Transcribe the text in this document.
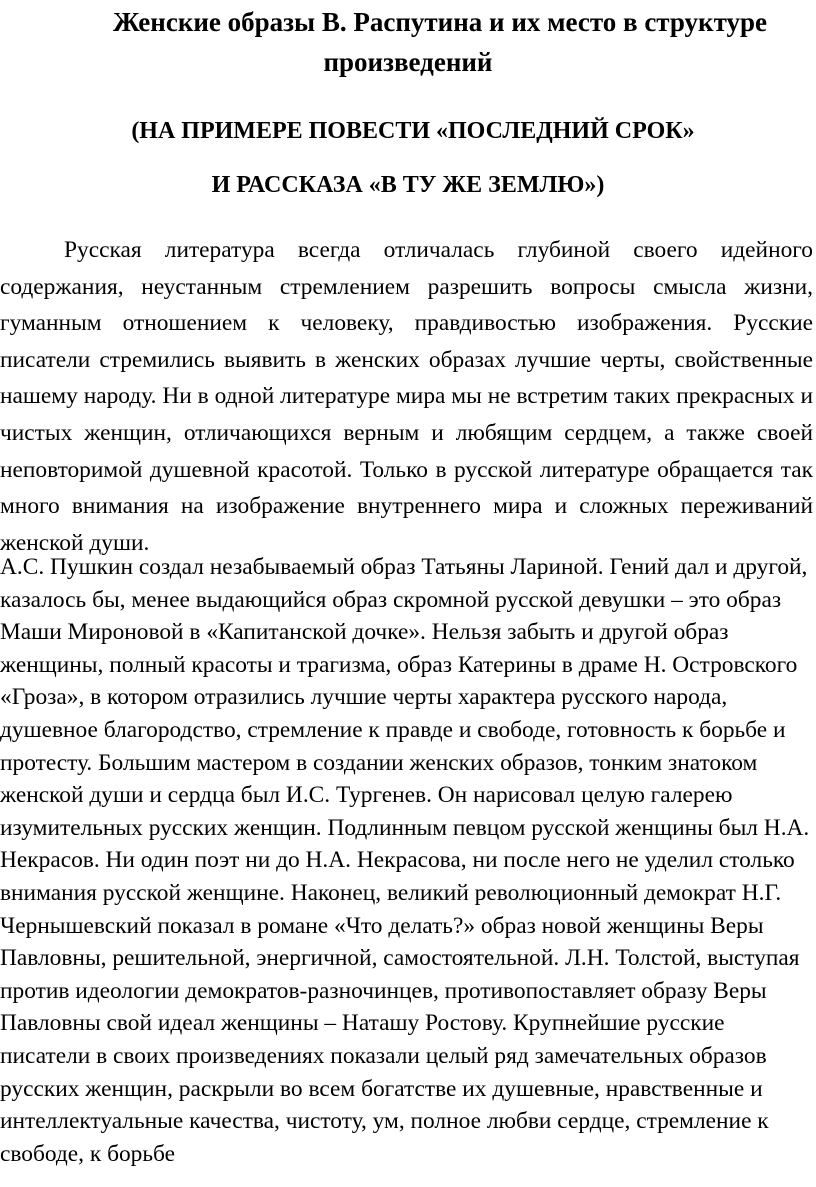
Женские образы В. Распутина и их место в структуре
произведений
(НА ПРИМЕРЕ ПОВЕСТИ «ПОСЛЕДНИЙ СРОК»
И РАССКАЗА «В ТУ ЖЕ ЗЕМЛЮ»)

Русская литература всегда отличалась глубиной своего идейного содержания, неустанным стремлением разрешить вопросы смысла жизни, гуманным отношением к человеку, правдивостью изображения. Русские писатели стремились выявить в женских образах лучшие черты, свойственные нашему народу. Ни в одной литературе мира мы не встретим таких прекрасных и чистых женщин, отличающихся верным и любящим сердцем, а также своей неповторимой душевной красотой. Только в русской литературе обращается так много внимания на изображение внутреннего мира и сложных переживаний женской души.

А.С. Пушкин создал незабываемый образ Татьяны Лариной. Гений дал и другой, казалось бы, менее выдающийся образ скромной русской девушки – это образ Маши Мироновой в «Капитанской дочке». Нельзя забыть и другой образ женщины, полный красоты и трагизма, образ Катерины в драме Н. Островского «Гроза», в котором отразились лучшие черты характера русского народа, душевное благородство, стремление к правде и свободе, готовность к борьбе и протесту. Большим мастером в создании женских образов, тонким знатоком женской души и сердца был И.С. Тургенев. Он нарисовал целую галерею изумительных русских женщин. Подлинным певцом русской женщины был Н.А. Некрасов. Ни один поэт ни до Н.А. Некрасова, ни после него не уделил столько внимания русской женщине. Наконец, великий революционный демократ Н.Г. Чернышевский показал в романе «Что делать?» образ новой женщины Веры Павловны, решительной, энергичной, самостоятельной. Л.Н. Толстой, выступая против идеологии демократов-разночинцев, противопоставляет образу Веры Павловны свой идеал женщины – Наташу Ростову. Крупнейшие русские писатели в своих произведениях показали целый ряд замечательных образов русских женщин, раскрыли во всем богатстве их душевные, нравственные и интеллектуальные качества, чистоту, ум, полное любви сердце, стремление к свободе, к борьбе
